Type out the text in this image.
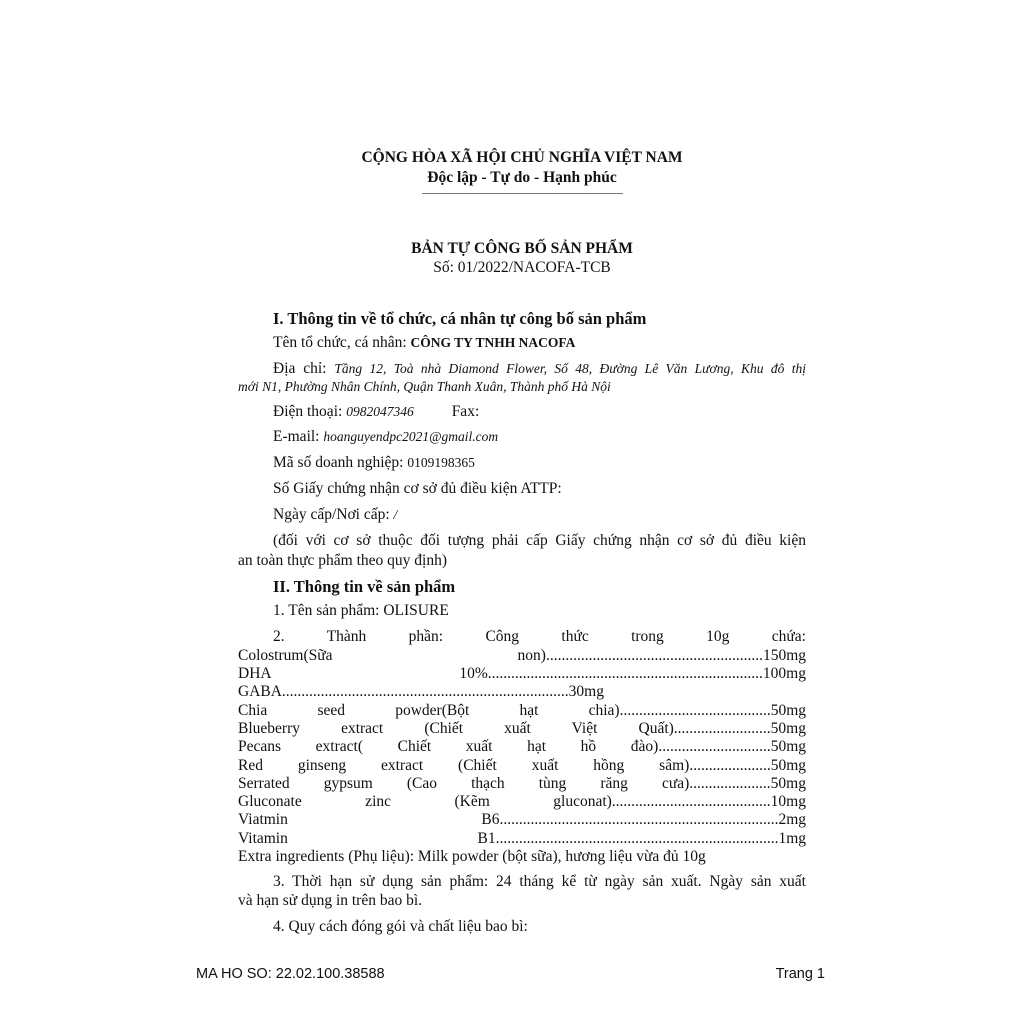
CỘNG HÒA XÃ HỘI CHỦ NGHĨA VIỆT NAM
Độc lập - Tự do - Hạnh phúc
BẢN TỰ CÔNG BỐ SẢN PHẨM
Số: 01/2022/NACOFA-TCB
I. Thông tin về tổ chức, cá nhân tự công bố sản phẩm
Tên tổ chức, cá nhân: CÔNG TY TNHH NACOFA
Địa chỉ: Tầng 12, Toà nhà Diamond Flower, Số 48, Đường Lê Văn Lương, Khu đô thị
mới N1, Phường Nhân Chính, Quận Thanh Xuân, Thành phố Hà Nội
Điện thoại: 0982047346 Fax:
E-mail: hoanguyendpc2021@gmail.com
Mã số doanh nghiệp: 0109198365
Số Giấy chứng nhận cơ sở đủ điều kiện ATTP:
Ngày cấp/Nơi cấp: /
(đối với cơ sở thuộc đối tượng phải cấp Giấy chứng nhận cơ sở đủ điều kiện
an toàn thực phẩm theo quy định)
II. Thông tin về sản phẩm
1. Tên sản phẩm: OLISURE
2. Thành phần: Công thức trong 10g chứa:
Colostrum(Sữa non)........................................................150mg
DHA 10%.......................................................................100mg
GABA..........................................................................30mg
Chia seed powder(Bột hạt chia).......................................50mg
Blueberry extract (Chiết xuất Việt Quất).........................50mg
Pecans extract( Chiết xuất hạt hồ đào).............................50mg
Red ginseng extract (Chiết xuất hồng sâm).....................50mg
Serrated gypsum (Cao thạch tùng răng cưa).....................50mg
Gluconate zinc (Kẽm gluconat).........................................10mg
Viatmin B6........................................................................2mg
Vitamin B1.........................................................................1mg
Extra ingredients (Phụ liệu): Milk powder (bột sữa), hương liệu vừa đủ 10g
3. Thời hạn sử dụng sản phẩm: 24 tháng kể từ ngày sản xuất. Ngày sản xuất
và hạn sử dụng in trên bao bì.
4. Quy cách đóng gói và chất liệu bao bì:
MA HO SO: 22.02.100.38588	Trang 1
